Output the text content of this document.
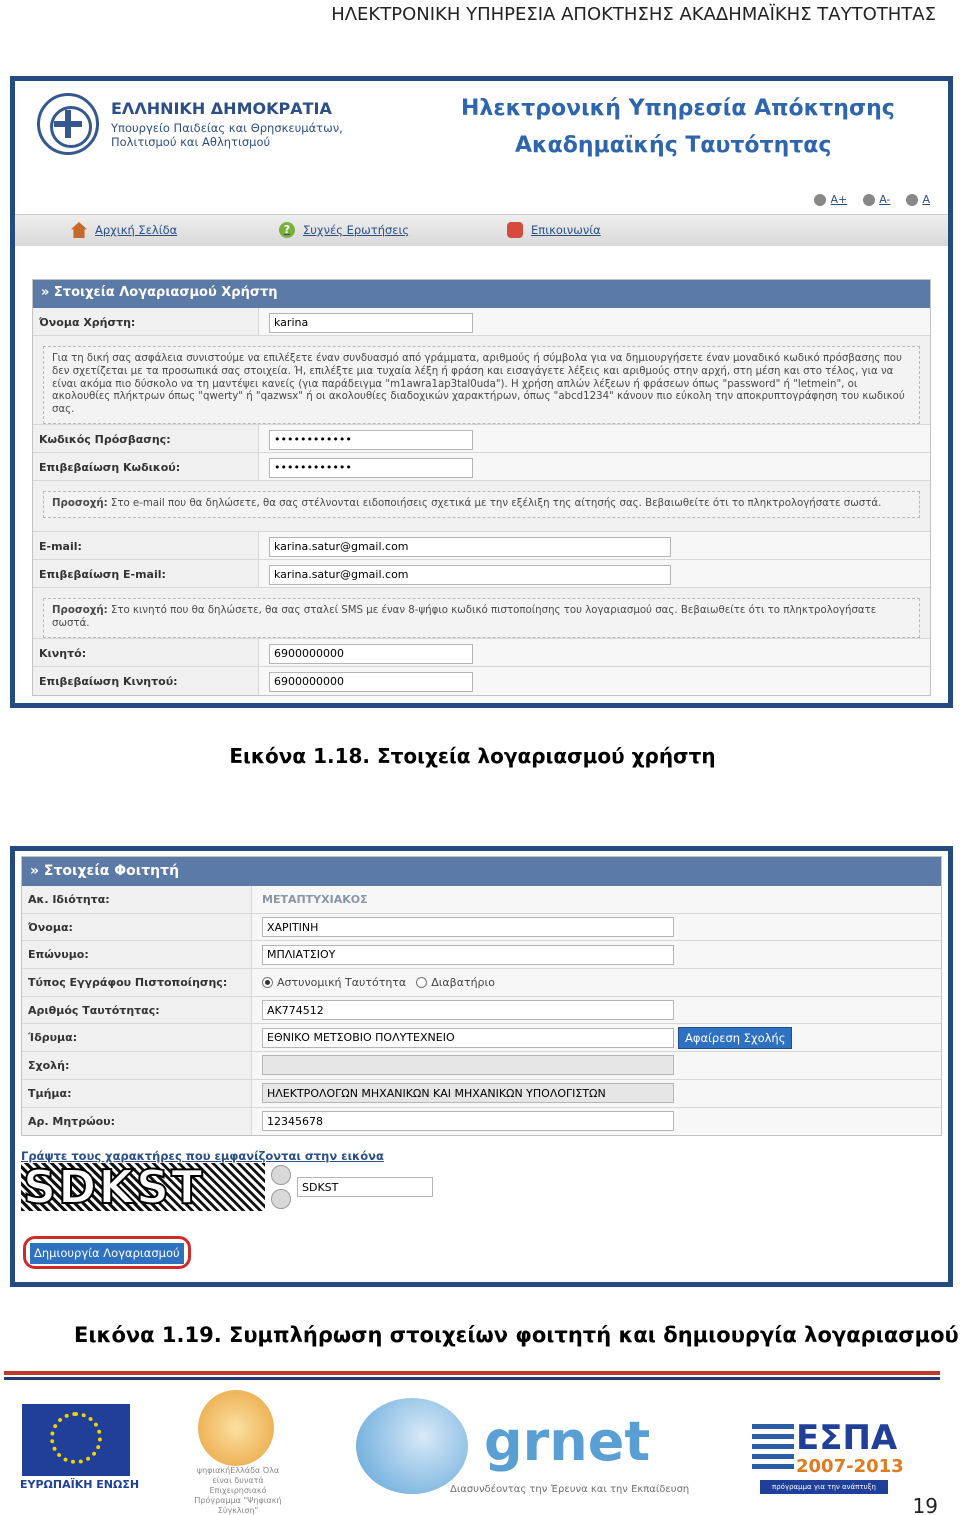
ΗΛΕΚΤΡΟΝΙΚΗ ΥΠΗΡΕΣΙΑ ΑΠΟΚΤΗΣΗΣ ΑΚΑΔΗΜΑΪΚΗΣ ΤΑΥΤΟΤΗΤΑΣ
ΕΛΛΗΝΙΚΗ ΔΗΜΟΚΡΑΤΙΑ
Υπουργείο Παιδείας και Θρησκευμάτων, Πολιτισμού και Αθλητισμού
Ηλεκτρονική Υπηρεσία Απόκτησης
Ακαδημαϊκής Ταυτότητας
A+	A-	A
Αρχική Σελίδα	?	Συχνές Ερωτήσεις	Επικοινωνία
» Στοιχεία Λογαριασμού Χρήστη
Όνομα Χρήστη:
karina
Για τη δική σας ασφάλεια συνιστούμε να επιλέξετε έναν συνδυασμό από γράμματα, αριθμούς ή σύμβολα για να δημιουργήσετε έναν μοναδικό κωδικό πρόσβασης που δεν σχετίζεται με τα προσωπικά σας στοιχεία. Ή, επιλέξτε μια τυχαία λέξη ή φράση και εισαγάγετε λέξεις και αριθμούς στην αρχή, στη μέση και στο τέλος, για να είναι ακόμα πιο δύσκολο να τη μαντέψει κανείς (για παράδειγμα "m1awra1ap3tal0uda"). Η χρήση απλών λέξεων ή φράσεων όπως "password" ή "letmein", οι ακολουθίες πλήκτρων όπως "qwerty" ή "qazwsx" ή οι ακολουθίες διαδοχικών χαρακτήρων, όπως "abcd1234" κάνουν πιο εύκολη την αποκρυπτογράφηση του κωδικού σας.
Κωδικός Πρόσβασης:
••••••••••••
Επιβεβαίωση Κωδικού:
••••••••••••
Προσοχή: Στο e-mail που θα δηλώσετε, θα σας στέλνονται ειδοποιήσεις σχετικά με την εξέλιξη της αίτησής σας. Βεβαιωθείτε ότι το πληκτρολογήσατε σωστά.
E-mail:
karina.satur@gmail.com
Επιβεβαίωση E-mail:
karina.satur@gmail.com
Προσοχή: Στο κινητό που θα δηλώσετε, θα σας σταλεί SMS με έναν 8-ψήφιο κωδικό πιστοποίησης του λογαριασμού σας. Βεβαιωθείτε ότι το πληκτρολογήσατε σωστά.
Κινητό:
6900000000
Επιβεβαίωση Κινητού:
6900000000
Εικόνα 1.18. Στοιχεία λογαριασμού χρήστη
» Στοιχεία Φοιτητή
Ακ. Ιδιότητα:	ΜΕΤΑΠΤΥΧΙΑΚΟΣ
Όνομα:
ΧΑΡΙΤΙΝΗ
Επώνυμο:
ΜΠΛΙΑΤΣΙΟΥ
Τύπος Εγγράφου Πιστοποίησης:	Αστυνομική Ταυτότητα Διαβατήριο
Αριθμός Ταυτότητας:
AK774512
Ίδρυμα:
ΕΘΝΙΚΟ ΜΕΤΣΟΒΙΟ ΠΟΛΥΤΕΧΝΕΙΟ	Αφαίρεση Σχολής
Σχολή:
Τμήμα:
ΗΛΕΚΤΡΟΛΟΓΩΝ ΜΗΧΑΝΙΚΩΝ ΚΑΙ ΜΗΧΑΝΙΚΩΝ ΥΠΟΛΟΓΙΣΤΩΝ
Αρ. Μητρώου:
12345678
Γράψτε τους χαρακτήρες που εμφανίζονται στην εικόνα
SDKST
SDKST
Δημιουργία Λογαριασμού
Εικόνα 1.19. Συμπλήρωση στοιχείων φοιτητή και δημιουργία λογαριασμού
ΕΥΡΩΠΑΪΚΗ ΕΝΩΣΗ
ψηφιακήΕλλάδα Όλα είναι δυνατά Επιχειρησιακό Πρόγραμμα "Ψηφιακή Σύγκλιση"
grnet
Διασυνδέοντας την Έρευνα και την Εκπαίδευση
ΕΣΠΑ
2007-2013
πρόγραμμα για την ανάπτυξη
19
